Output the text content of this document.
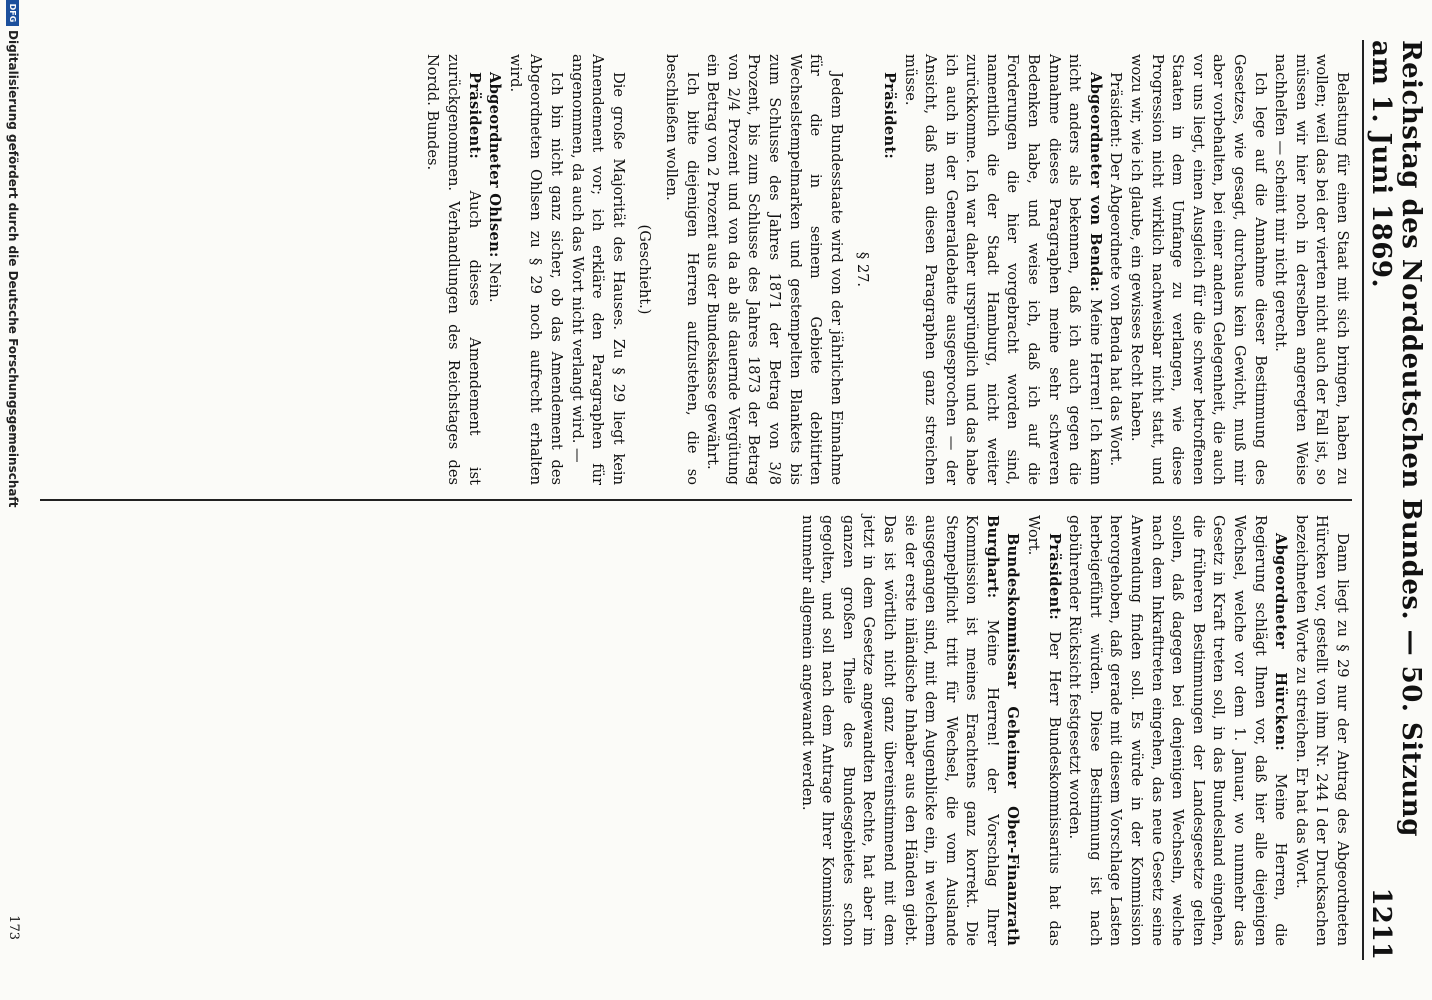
Reichstag des Norddeutschen Bundes. — 50. Sitzung am 1. Juni 1869.
1211

Belastung für einen Staat mit sich bringen, haben zu wollen; weil das bei der vierten nicht auch der Fall ist, so müssen wir hier noch in derselben angeregten Weise nachhelfen — scheint mir nicht gerecht.

Ich lege auf die Annahme dieser Bestimmung des Gesetzes, wie gesagt, durchaus kein Gewicht, muß mir aber vorbehalten, bei einer andern Gelegenheit, die auch vor uns liegt, einen Ausgleich für die schwer betroffenen Staaten in dem Umfange zu verlangen, wie diese Progression nicht wirklich nachweisbar nicht statt, und wozu wir, wie ich glaube, ein gewisses Recht haben.

Präsident: Der Abgeordnete von Benda hat das Wort.

Abgeordneter von Benda: Meine Herren! Ich kann nicht anders als bekennen, daß ich auch gegen die Annahme dieses Paragraphen meine sehr schweren Bedenken habe, und weise ich, daß ich auf die Forderungen die hier vorgebracht worden sind, namentlich die der Stadt Hamburg, nicht weiter zurückkomme. Ich war daher ursprünglich und das habe ich auch in der Generaldebatte ausgesprochen — der Ansicht, daß man diesen Paragraphen ganz streichen müsse.

Präsident:

§ 27.

Jedem Bundesstaate wird von der jährlichen Einnahme für die in seinem Gebiete debitirten Wechselstempelmarken und gestempelten Blankets bis zum Schlusse des Jahres 1871 der Betrag von 3/8 Prozent, bis zum Schlusse des Jahres 1873 der Betrag von 2/4 Prozent und von da ab als dauernde Vergütung ein Betrag von 2 Prozent aus der Bundeskasse gewährt.

Ich bitte diejenigen Herren aufzustehen, die so beschließen wollen.

(Geschieht.)

Die große Majorität des Hauses. Zu § 29 liegt kein Amendement vor; ich erkläre den Paragraphen für angenommen, da auch das Wort nicht verlangt wird. —

Ich bin nicht ganz sicher, ob das Amendement des Abgeordneten Ohlsen zu § 29 noch aufrecht erhalten wird.

Abgeordneter Ohlsen: Nein.

Präsident: Auch dieses Amendement ist zurückgenommen. Verhandlungen des Reichstages des Nordd. Bundes.

Dann liegt zu § 29 nur der Antrag des Abgeordneten Hürcken vor, gestellt von ihm Nr. 244 I der Drucksachen bezeichneten Worte zu streichen. Er hat das Wort.

Abgeordneter Hürcken: Meine Herren, die Regierung schlägt Ihnen vor, daß hier alle diejenigen Wechsel, welche vor dem 1. Januar, wo nunmehr das Gesetz in Kraft treten soll, in das Bundesland eingehen, die früheren Bestimmungen der Landesgesetze gelten sollen, daß dagegen bei denjenigen Wechseln, welche nach dem Inkrafttreten eingehen, das neue Gesetz seine Anwendung finden soll. Es würde in der Kommission herorgehoben, daß gerade mit diesem Vorschlage Lasten herbeigeführt würden. Diese Bestimmung ist nach gebührender Rücksicht festgesetzt worden.

Präsident: Der Herr Bundeskommissarius hat das Wort.

Bundeskommissar Geheimer Ober-Finanzrath Burghart: Meine Herren! der Vorschlag Ihrer Kommission ist meines Erachtens ganz korrekt. Die Stempelpflicht tritt für Wechsel, die vom Auslande ausgegangen sind, mit dem Augenblicke ein, in welchem sie der erste inländische Inhaber aus den Händen giebt. Das ist wörtlich nicht ganz übereinstimmend mit dem jetzt in dem Gesetze angewandten Rechte, hat aber im ganzen großen Theile des Bundesgebietes schon gegolten, und soll nach dem Antrage Ihrer Kommission nunmehr allgemein angewandt werden.

173
DFG
Digitalisierung gefördert durch die Deutsche Forschungsgemeinschaft
